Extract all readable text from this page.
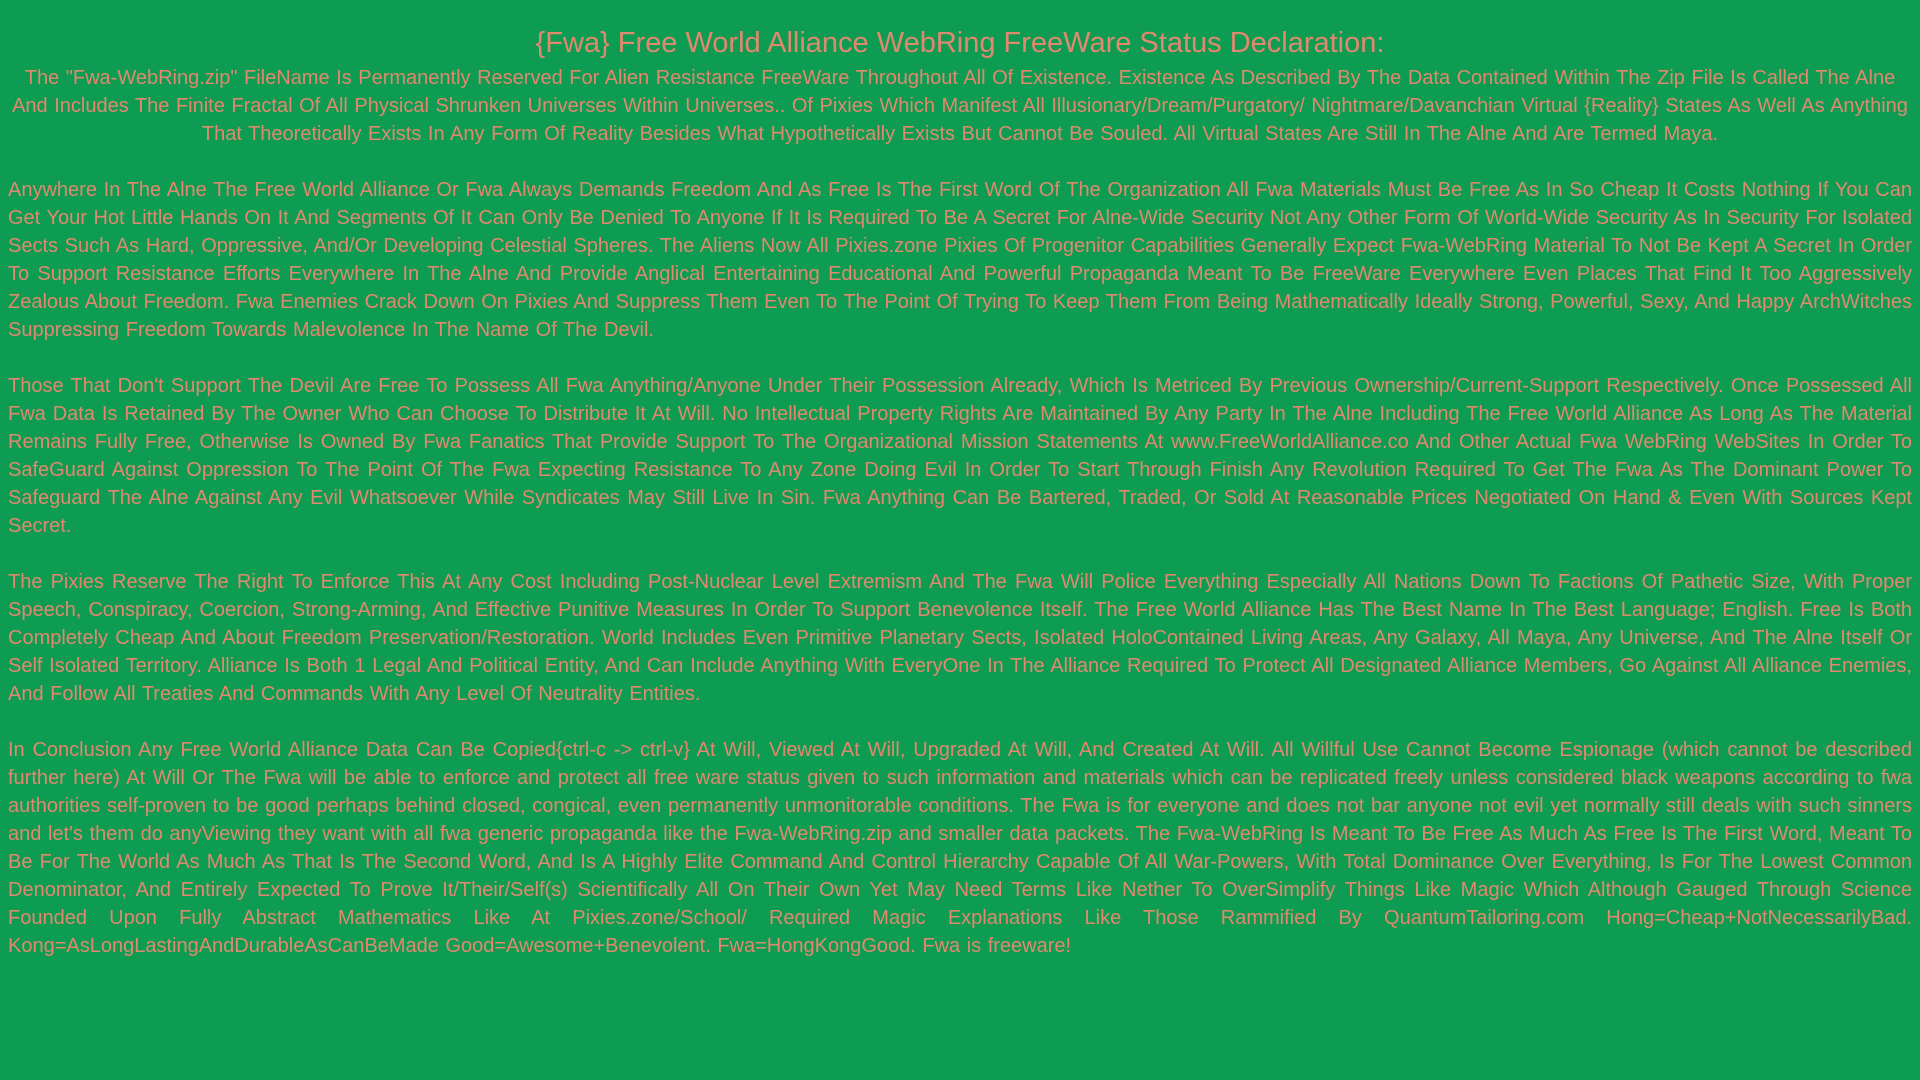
{Fwa} Free World Alliance WebRing FreeWare Status Declaration:

The "Fwa-WebRing.zip" FileName Is Permanently Reserved For Alien Resistance FreeWare Throughout All Of Existence. Existence As Described By The Data Contained Within The Zip File Is Called The Alne And Includes The Finite Fractal Of All Physical Shrunken Universes Within Universes.. Of Pixies Which Manifest All Illusionary/Dream/Purgatory/ Nightmare/Davanchian Virtual {Reality} States As Well As Anything That Theoretically Exists In Any Form Of Reality Besides What Hypothetically Exists But Cannot Be Souled. All Virtual States Are Still In The Alne And Are Termed Maya.

Anywhere In The Alne The Free World Alliance Or Fwa Always Demands Freedom And As Free Is The First Word Of The Organization All Fwa Materials Must Be Free As In So Cheap It Costs Nothing If You Can Get Your Hot Little Hands On It And Segments Of It Can Only Be Denied To Anyone If It Is Required To Be A Secret For Alne-Wide Security Not Any Other Form Of World-Wide Security As In Security For Isolated Sects Such As Hard, Oppressive, And/Or Developing Celestial Spheres. The Aliens Now All Pixies.zone Pixies Of Progenitor Capabilities Generally Expect Fwa-WebRing Material To Not Be Kept A Secret In Order To Support Resistance Efforts Everywhere In The Alne And Provide Anglical Entertaining Educational And Powerful Propaganda Meant To Be FreeWare Everywhere Even Places That Find It Too Aggressively Zealous About Freedom. Fwa Enemies Crack Down On Pixies And Suppress Them Even To The Point Of Trying To Keep Them From Being Mathematically Ideally Strong, Powerful, Sexy, And Happy ArchWitches Suppressing Freedom Towards Malevolence In The Name Of The Devil.

Those That Don't Support The Devil Are Free To Possess All Fwa Anything/Anyone Under Their Possession Already, Which Is Metriced By Previous Ownership/Current-Support Respectively. Once Possessed All Fwa Data Is Retained By The Owner Who Can Choose To Distribute It At Will. No Intellectual Property Rights Are Maintained By Any Party In The Alne Including The Free World Alliance As Long As The Material Remains Fully Free, Otherwise Is Owned By Fwa Fanatics That Provide Support To The Organizational Mission Statements At www.FreeWorldAlliance.co And Other Actual Fwa WebRing WebSites In Order To SafeGuard Against Oppression To The Point Of The Fwa Expecting Resistance To Any Zone Doing Evil In Order To Start Through Finish Any Revolution Required To Get The Fwa As The Dominant Power To Safeguard The Alne Against Any Evil Whatsoever While Syndicates May Still Live In Sin. Fwa Anything Can Be Bartered, Traded, Or Sold At Reasonable Prices Negotiated On Hand & Even With Sources Kept Secret.

The Pixies Reserve The Right To Enforce This At Any Cost Including Post-Nuclear Level Extremism And The Fwa Will Police Everything Especially All Nations Down To Factions Of Pathetic Size, With Proper Speech, Conspiracy, Coercion, Strong-Arming, And Effective Punitive Measures In Order To Support Benevolence Itself. The Free World Alliance Has The Best Name In The Best Language; English. Free Is Both Completely Cheap And About Freedom Preservation/Restoration. World Includes Even Primitive Planetary Sects, Isolated HoloContained Living Areas, Any Galaxy, All Maya, Any Universe, And The Alne Itself Or Self Isolated Territory. Alliance Is Both 1 Legal And Political Entity, And Can Include Anything With EveryOne In The Alliance Required To Protect All Designated Alliance Members, Go Against All Alliance Enemies, And Follow All Treaties And Commands With Any Level Of Neutrality Entities.

In Conclusion Any Free World Alliance Data Can Be Copied{ctrl-c -> ctrl-v} At Will, Viewed At Will, Upgraded At Will, And Created At Will. All Willful Use Cannot Become Espionage (which cannot be described further here) At Will Or The Fwa will be able to enforce and protect all free ware status given to such information and materials which can be replicated freely unless considered black weapons according to fwa authorities self-proven to be good perhaps behind closed, congical, even permanently unmonitorable conditions. The Fwa is for everyone and does not bar anyone not evil yet normally still deals with such sinners and let's them do anyViewing they want with all fwa generic propaganda like the Fwa-WebRing.zip and smaller data packets. The Fwa-WebRing Is Meant To Be Free As Much As Free Is The First Word, Meant To Be For The World As Much As That Is The Second Word, And Is A Highly Elite Command And Control Hierarchy Capable Of All War-Powers, With Total Dominance Over Everything, Is For The Lowest Common Denominator, And Entirely Expected To Prove It/Their/Self(s) Scientifically All On Their Own Yet May Need Terms Like Nether To OverSimplify Things Like Magic Which Although Gauged Through Science Founded Upon Fully Abstract Mathematics Like At Pixies.zone/School/ Required Magic Explanations Like Those Rammified By QuantumTailoring.com Hong=Cheap+NotNecessarilyBad. Kong=AsLongLastingAndDurableAsCanBeMade Good=Awesome+Benevolent. Fwa=HongKongGood. Fwa is freeware!
